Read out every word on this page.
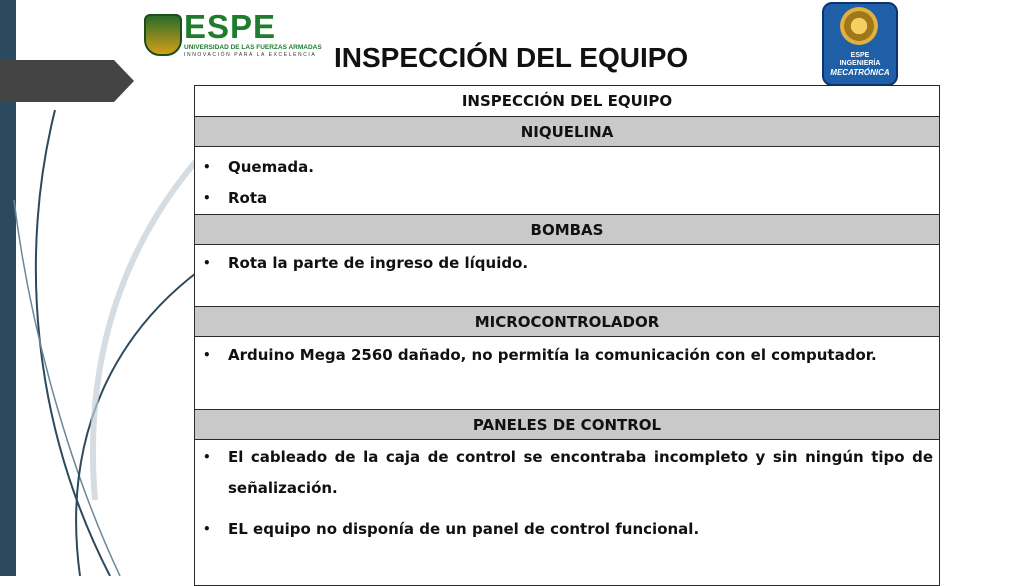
ESPE
UNIVERSIDAD DE LAS FUERZAS ARMADAS
INNOVACIÓN PARA LA EXCELENCIA	ESPE
INGENIERÍA
MECATRÓNICA
INSPECCIÓN DEL EQUIPO
INSPECCIÓN DEL EQUIPO
NIQUELINA

• Quemada.
• Rota

BOMBAS

• Rota la parte de ingreso de líquido.

MICROCONTROLADOR

• Arduino Mega 2560 dañado, no permitía la comunicación con el computador.

PANELES DE CONTROL

• El cableado de la caja de control se encontraba incompleto y sin ningún tipo de señalización.
• EL equipo no disponía de un panel de control funcional.
